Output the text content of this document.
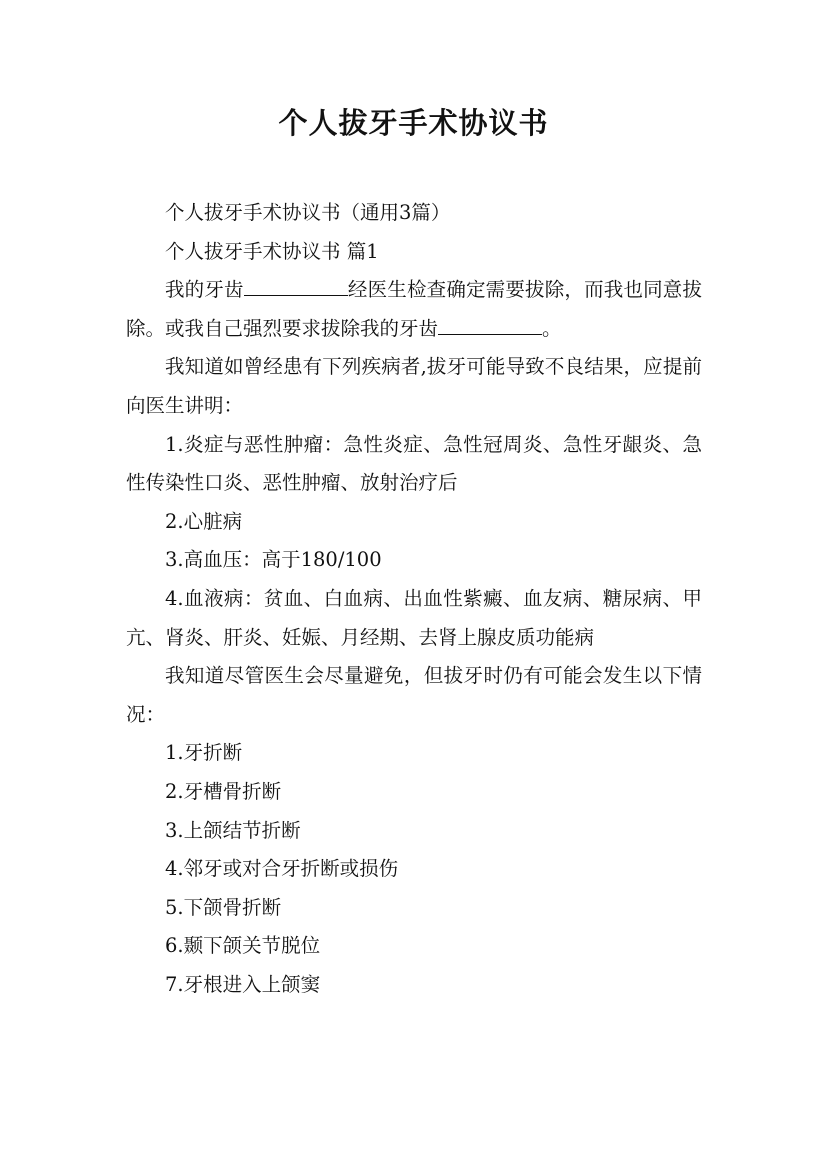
个人拔牙手术协议书

个人拔牙手术协议书（通用3篇）

个人拔牙手术协议书 篇1

我的牙齿	经医生检查确定需要拔除，而我也同意拔除。或我自己强烈要求拔除我的牙齿	。

我知道如曾经患有下列疾病者,拔牙可能导致不良结果，应提前向医生讲明：

1.炎症与恶性肿瘤：急性炎症、急性冠周炎、急性牙龈炎、急性传染性口炎、恶性肿瘤、放射治疗后

2.心脏病

3.高血压：高于180/100

4.血液病：贫血、白血病、出血性紫癜、血友病、糖尿病、甲亢、肾炎、肝炎、妊娠、月经期、去肾上腺皮质功能病

我知道尽管医生会尽量避免，但拔牙时仍有可能会发生以下情况：

1.牙折断

2.牙槽骨折断

3.上颌结节折断

4.邻牙或对合牙折断或损伤

5.下颌骨折断

6.颞下颌关节脱位

7.牙根进入上颌窦
